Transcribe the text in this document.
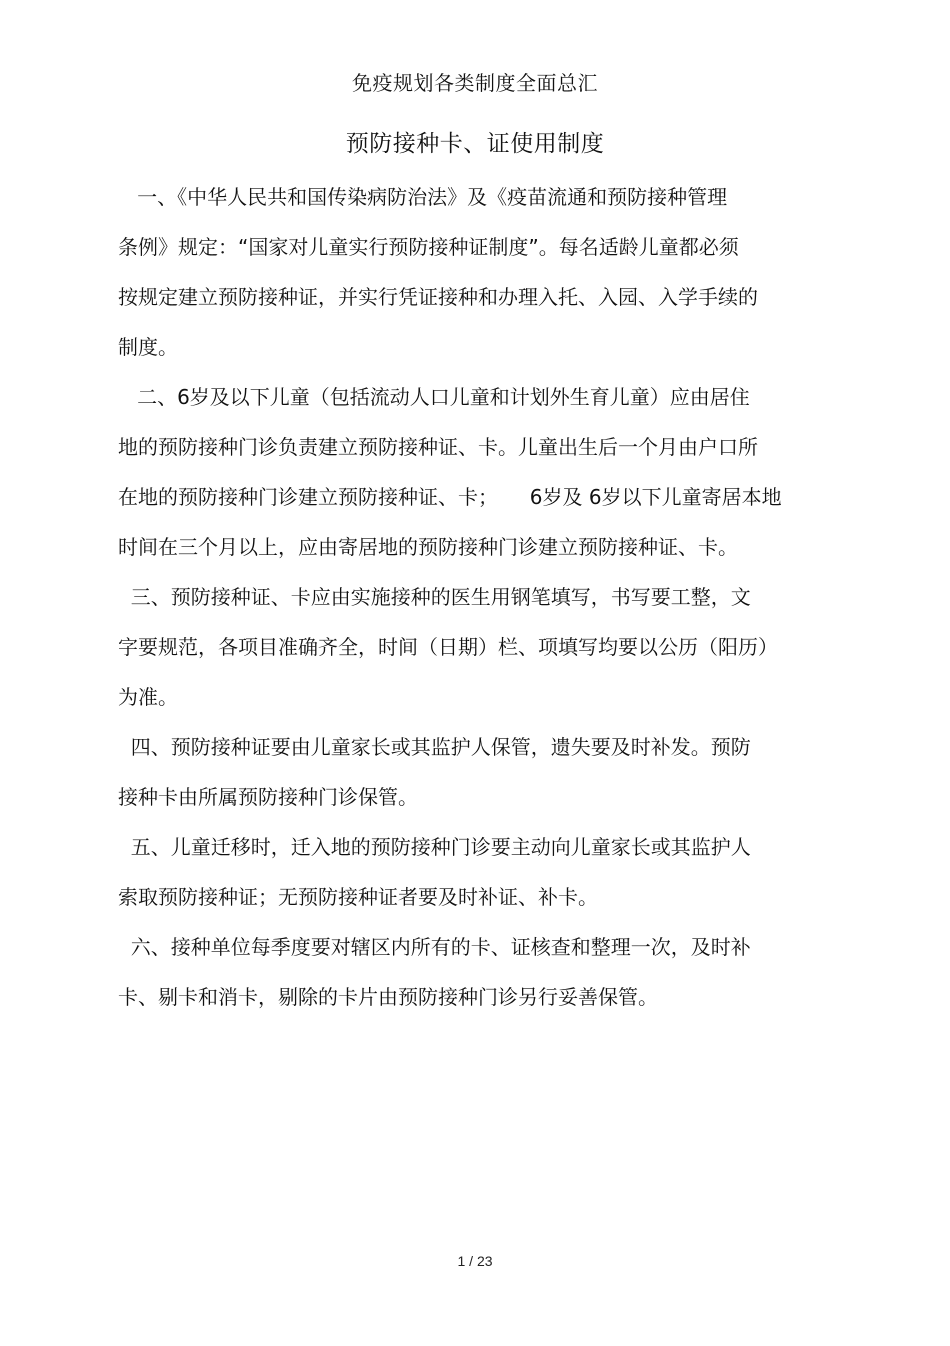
免疫规划各类制度全面总汇
预防接种卡、证使用制度
一、《中华人民共和国传染病防治法》及《疫苗流通和预防接种管理
条例》规定：“国家对儿童实行预防接种证制度”。每名适龄儿童都必须
按规定建立预防接种证，并实行凭证接种和办理入托、入园、入学手续的
制度。
二、6岁及以下儿童（包括流动人口儿童和计划外生育儿童）应由居住
地的预防接种门诊负责建立预防接种证、卡。儿童出生后一个月由户口所
在地的预防接种门诊建立预防接种证、卡；     6岁及 6岁以下儿童寄居本地
时间在三个月以上，应由寄居地的预防接种门诊建立预防接种证、卡。
三、预防接种证、卡应由实施接种的医生用钢笔填写，书写要工整，文
字要规范，各项目准确齐全，时间（日期）栏、项填写均要以公历（阳历）
为准。
四、预防接种证要由儿童家长或其监护人保管，遗失要及时补发。预防
接种卡由所属预防接种门诊保管。
五、儿童迁移时，迁入地的预防接种门诊要主动向儿童家长或其监护人
索取预防接种证；无预防接种证者要及时补证、补卡。
六、接种单位每季度要对辖区内所有的卡、证核查和整理一次，及时补
卡、剔卡和消卡，剔除的卡片由预防接种门诊另行妥善保管。
1 / 23
